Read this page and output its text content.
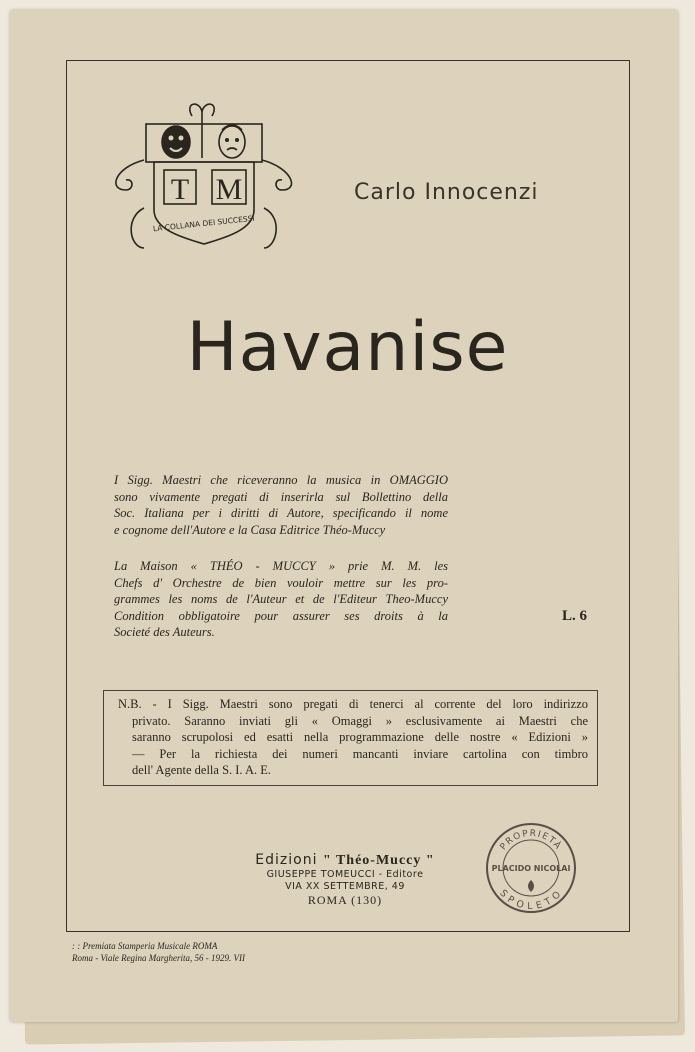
T M
LA COLLANA DEI SUCCESSI
Carlo Innocenzi
Havanise
I Sigg. Maestri che riceveranno la musica in OMAGGIO
sono vivamente pregati di inserirla sul Bollettino della
Soc. Italiana per i diritti di Autore, specificando il nome
e cognome dell'Autore e la Casa Editrice Théo-Muccy
La Maison « THÉO - MUCCY » prie M. M. les
Chefs d' Orchestre de bien vouloir mettre sur les pro-
grammes les noms de l'Auteur et de l'Editeur Theo-Muccy
Condition obbligatoire pour assurer ses droits à la
Societé des Auteurs.
L. 6
N.B. - I Sigg. Maestri sono pregati di tenerci al corrente del loro indirizzo
privato. Saranno inviati gli « Omaggi » esclusivamente ai Maestri che
saranno scrupolosi ed esatti nella programmazione delle nostre « Edizioni »
— Per la richiesta dei numeri mancanti inviare cartolina con timbro
dell' Agente della S. I. A. E.
Edizioni " Théo-Muccy "
GIUSEPPE TOMEUCCI - Editore
VIA XX SETTEMBRE, 49
ROMA (130)
PROPRIETÀ
PLACIDO NICOLAI
SPOLETO
: : Premiata Stamperia Musicale ROMA
Roma - Viale Regina Margherita, 56 - 1929. VII
